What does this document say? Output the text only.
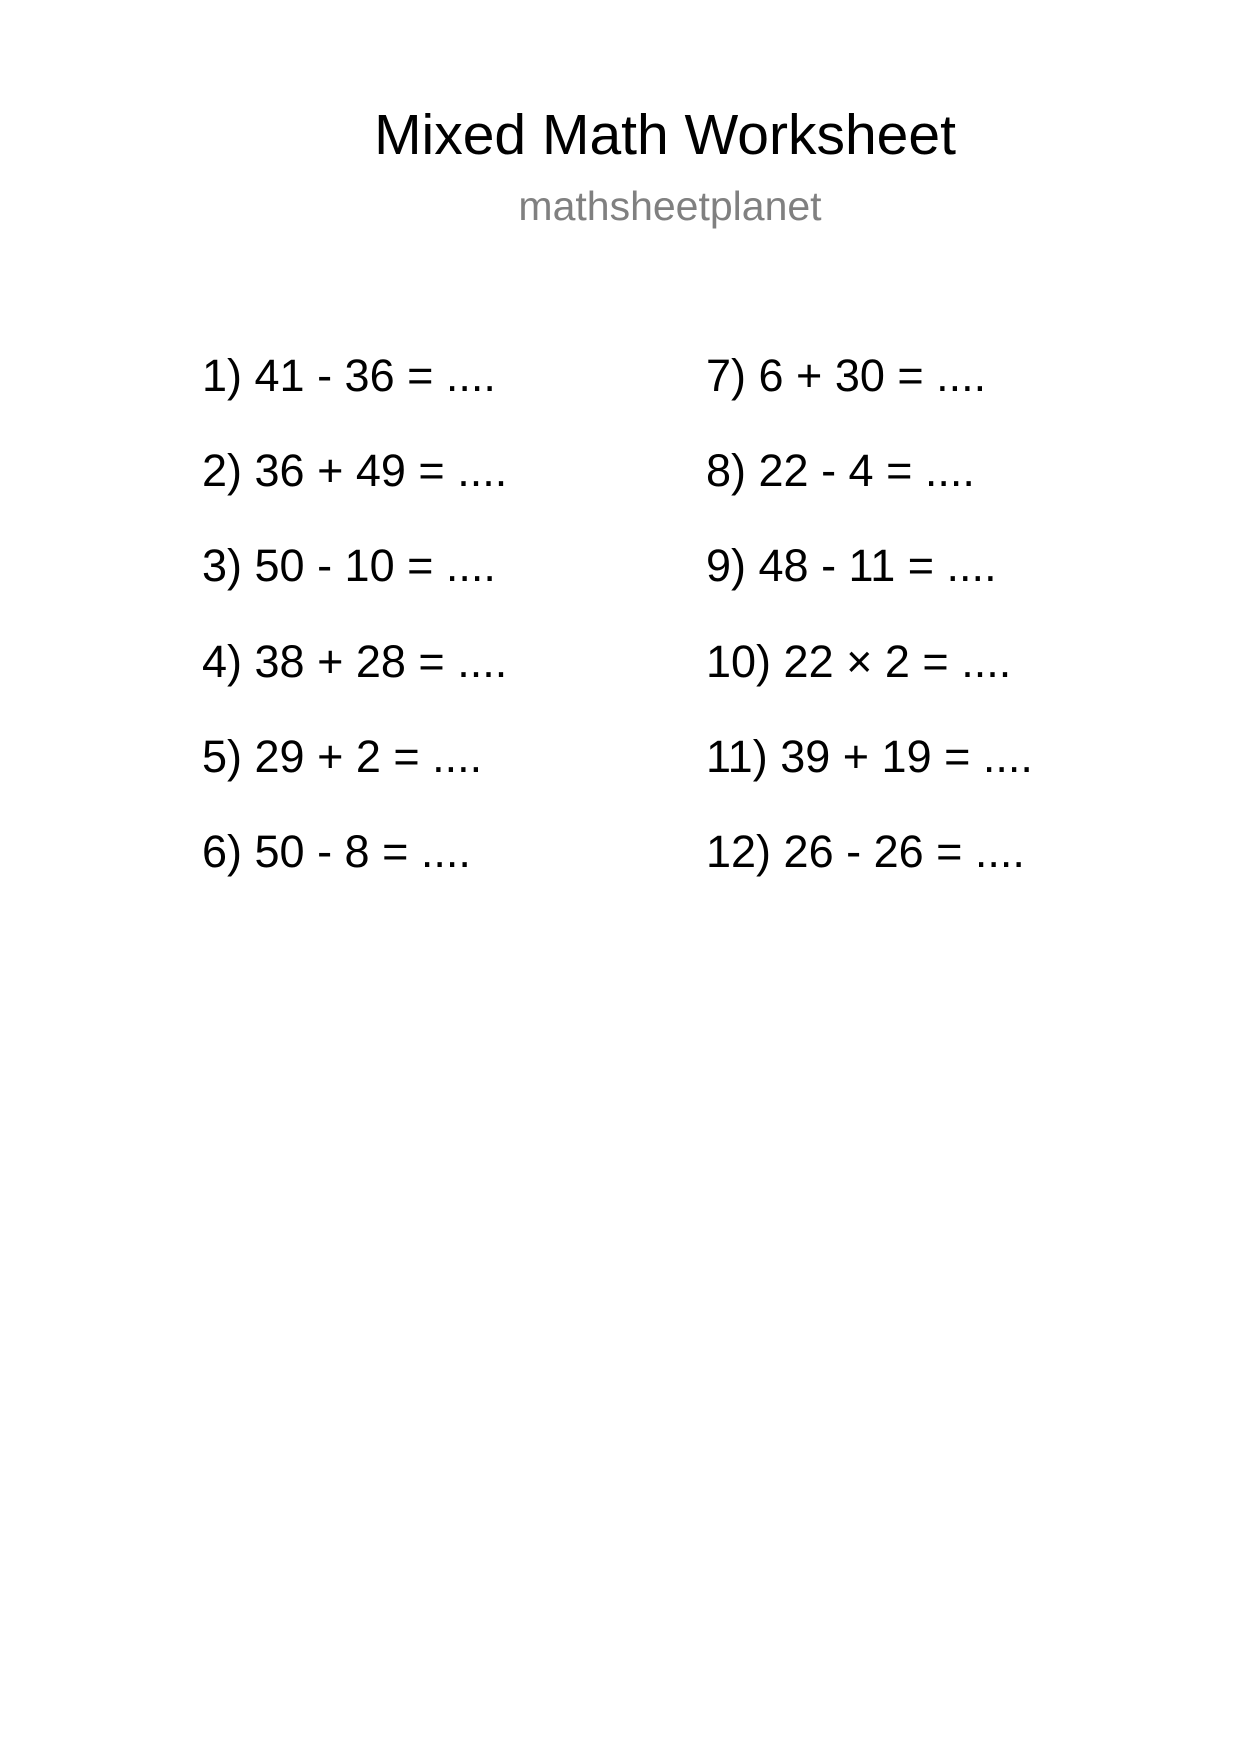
Mixed Math Worksheet
mathsheetplanet
1) 41 - 36 = ....
2) 36 + 49 = ....
3) 50 - 10 = ....
4) 38 + 28 = ....
5) 29 + 2 = ....
6) 50 - 8 = ....
7) 6 + 30 = ....
8) 22 - 4 = ....
9) 48 - 11 = ....
10) 22 × 2 = ....
11) 39 + 19 = ....
12) 26 - 26 = ....
